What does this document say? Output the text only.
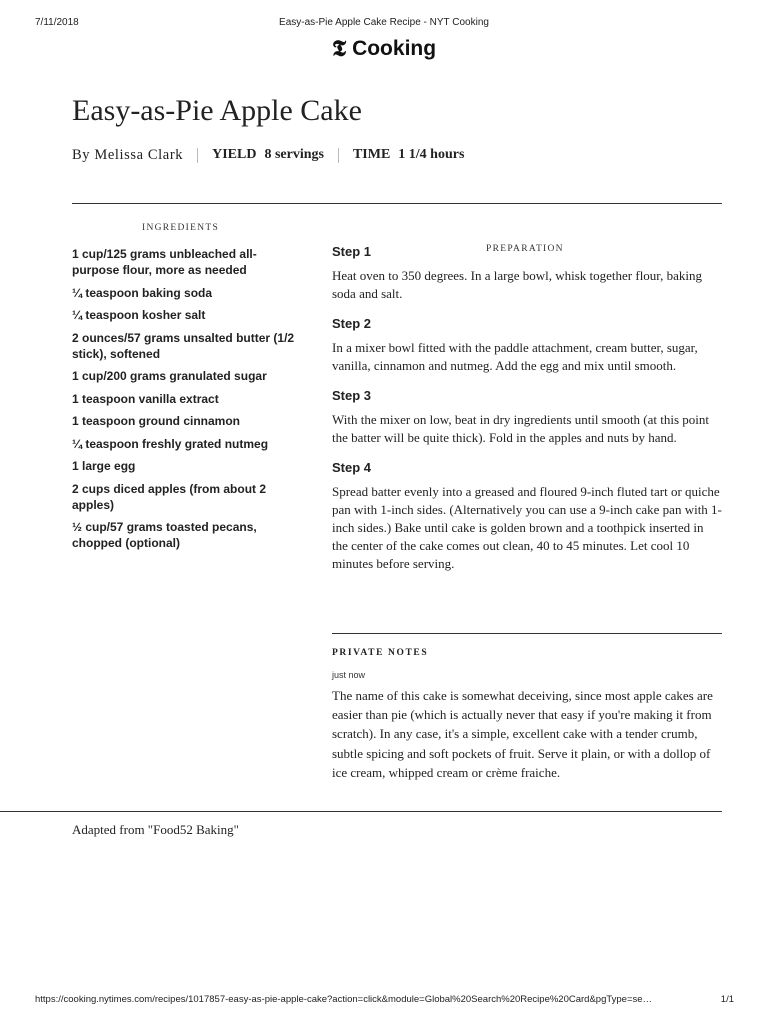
7/11/2018	Easy-as-Pie Apple Cake Recipe - NYT Cooking
𝕿 Cooking
Easy-as-Pie Apple Cake
By Melissa Clark YIELD 8 servings TIME 1 1/4 hours
INGREDIENTS
PREPARATION
1 cup/125 grams unbleached all-purpose flour, more as needed
¼ teaspoon baking soda
¼ teaspoon kosher salt
2 ounces/57 grams unsalted butter (1/2 stick), softened
1 cup/200 grams granulated sugar
1 teaspoon vanilla extract
1 teaspoon ground cinnamon
¼ teaspoon freshly grated nutmeg
1 large egg
2 cups diced apples (from about 2 apples)
½ cup/57 grams toasted pecans, chopped (optional)
Step 1

Heat oven to 350 degrees. In a large bowl, whisk together flour, baking soda and salt.

Step 2

In a mixer bowl fitted with the paddle attachment, cream butter, sugar, vanilla, cinnamon and nutmeg. Add the egg and mix until smooth.

Step 3

With the mixer on low, beat in dry ingredients until smooth (at this point the batter will be quite thick). Fold in the apples and nuts by hand.

Step 4

Spread batter evenly into a greased and floured 9-inch fluted tart or quiche pan with 1-inch sides. (Alternatively you can use a 9-inch cake pan with 1-inch sides.) Bake until cake is golden brown and a toothpick inserted in the center of the cake comes out clean, 40 to 45 minutes. Let cool 10 minutes before serving.

PRIVATE NOTES
just now

The name of this cake is somewhat deceiving, since most apple cakes are easier than pie (which is actually never that easy if you're making it from scratch). In any case, it's a simple, excellent cake with a tender crumb, subtle spicing and soft pockets of fruit. Serve it plain, or with a dollop of ice cream, whipped cream or crème fraiche.

Adapted from "Food52 Baking"
https://cooking.nytimes.com/recipes/1017857-easy-as-pie-apple-cake?action=click&module=Global%20Search%20Recipe%20Card&pgType=se…	1/1
